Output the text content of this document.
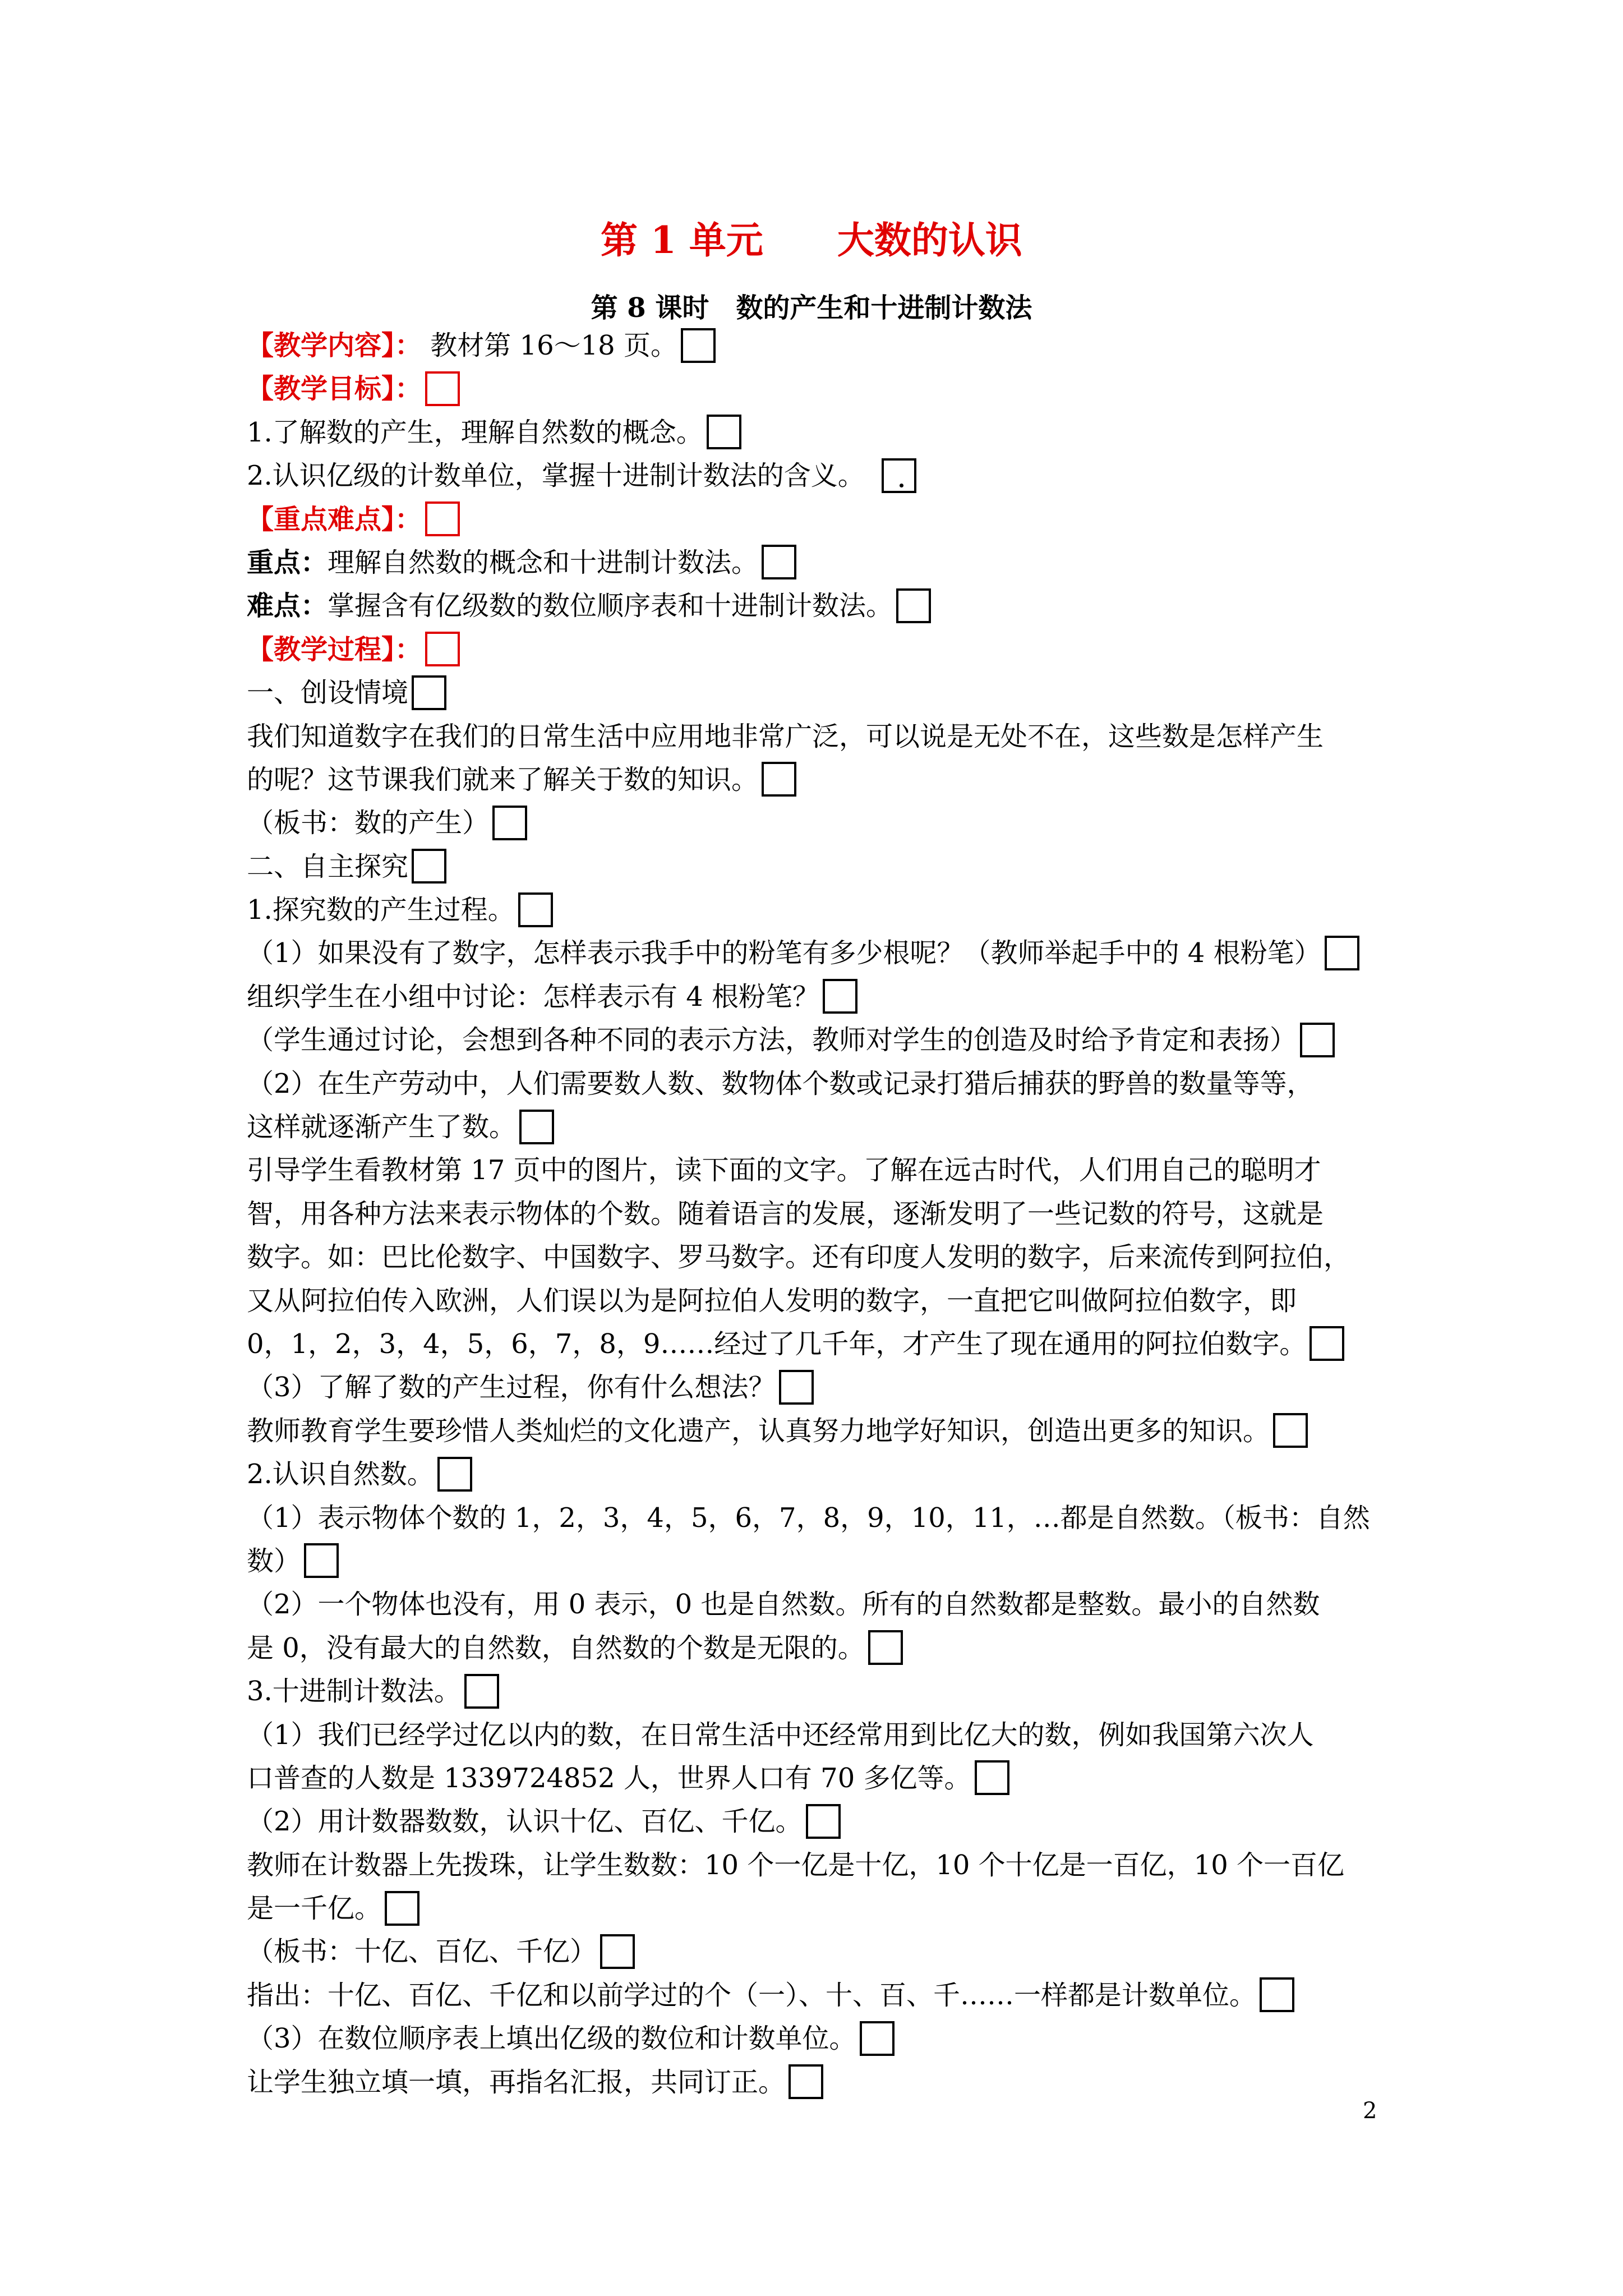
第 1 单元　　大数的认识
第 8 课时　数的产生和十进制计数法
【教学内容】： 教材第 16～18 页。
【教学目标】：
1.了解数的产生，理解自然数的概念。
2.认识亿级的计数单位，掌握十进制计数法的含义。
【重点难点】：
重点：理解自然数的概念和十进制计数法。
难点：掌握含有亿级数的数位顺序表和十进制计数法。
【教学过程】：
一、创设情境
我们知道数字在我们的日常生活中应用地非常广泛，可以说是无处不在，这些数是怎样产生
的呢？这节课我们就来了解关于数的知识。
（板书：数的产生）
二、自主探究
1.探究数的产生过程。
（1）如果没有了数字，怎样表示我手中的粉笔有多少根呢？（教师举起手中的 4 根粉笔）
组织学生在小组中讨论：怎样表示有 4 根粉笔？
（学生通过讨论，会想到各种不同的表示方法，教师对学生的创造及时给予肯定和表扬）
（2）在生产劳动中，人们需要数人数、数物体个数或记录打猎后捕获的野兽的数量等等，
这样就逐渐产生了数。
引导学生看教材第 17 页中的图片，读下面的文字。了解在远古时代，人们用自己的聪明才
智，用各种方法来表示物体的个数。随着语言的发展，逐渐发明了一些记数的符号，这就是
数字。如：巴比伦数字、中国数字、罗马数字。还有印度人发明的数字，后来流传到阿拉伯，
又从阿拉伯传入欧洲，人们误以为是阿拉伯人发明的数字，一直把它叫做阿拉伯数字，即
0，1，2，3，4，5，6，7，8，9……经过了几千年，才产生了现在通用的阿拉伯数字。
（3）了解了数的产生过程，你有什么想法？
教师教育学生要珍惜人类灿烂的文化遗产，认真努力地学好知识，创造出更多的知识。
2.认识自然数。
（1）表示物体个数的 1，2，3，4，5，6，7，8，9，10，11，…都是自然数。（板书：自然
数）
（2）一个物体也没有，用 0 表示，0 也是自然数。所有的自然数都是整数。最小的自然数
是 0，没有最大的自然数，自然数的个数是无限的。
3.十进制计数法。
（1）我们已经学过亿以内的数，在日常生活中还经常用到比亿大的数，例如我国第六次人
口普查的人数是 1339724852 人，世界人口有 70 多亿等。
（2）用计数器数数，认识十亿、百亿、千亿。
教师在计数器上先拨珠，让学生数数：10 个一亿是十亿，10 个十亿是一百亿，10 个一百亿
是一千亿。
（板书：十亿、百亿、千亿）
指出：十亿、百亿、千亿和以前学过的个（一）、十、百、千……一样都是计数单位。
（3）在数位顺序表上填出亿级的数位和计数单位。
让学生独立填一填，再指名汇报，共同订正。
2
